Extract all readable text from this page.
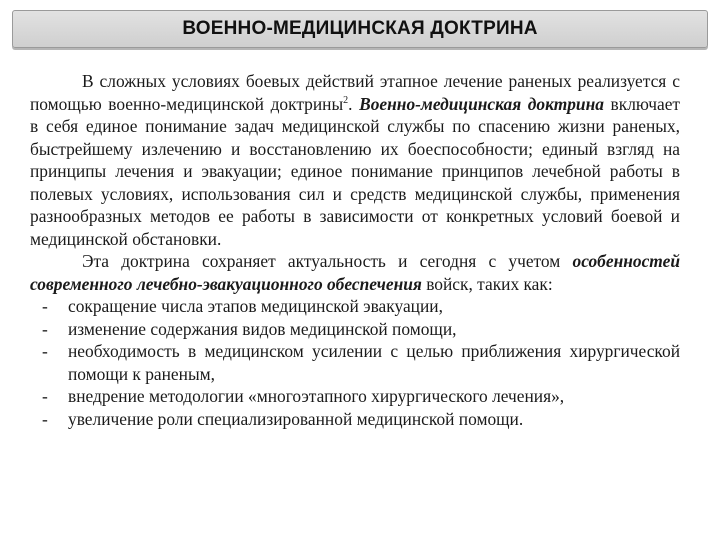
ВОЕННО-МЕДИЦИНСКАЯ ДОКТРИНА

В сложных условиях боевых действий этапное лечение раненых реализуется с помощью военно-медицинской доктрины$^2$. Военно-медицинская доктрина включает в себя единое понимание задач медицинской службы по спасению жизни раненых, быстрейшему излечению и восстановлению их боеспособности; единый взгляд на принципы лечения и эвакуации; единое понимание принципов лечебной работы в полевых условиях, использования сил и средств медицинской службы, применения разнообразных методов ее работы в зависимости от конкретных условий боевой и медицинской обстановки.

Эта доктрина сохраняет актуальность и сегодня с учетом особенностей современного лечебно-эвакуационного обеспечения войск, таких как:

- сокращение числа этапов медицинской эвакуации,
- изменение содержания видов медицинской помощи,
- необходимость в медицинском усилении с целью приближения хирургической помощи к раненым,
- внедрение методологии «многоэтапного хирургического лечения»,
- увеличение роли специализированной медицинской помощи.
